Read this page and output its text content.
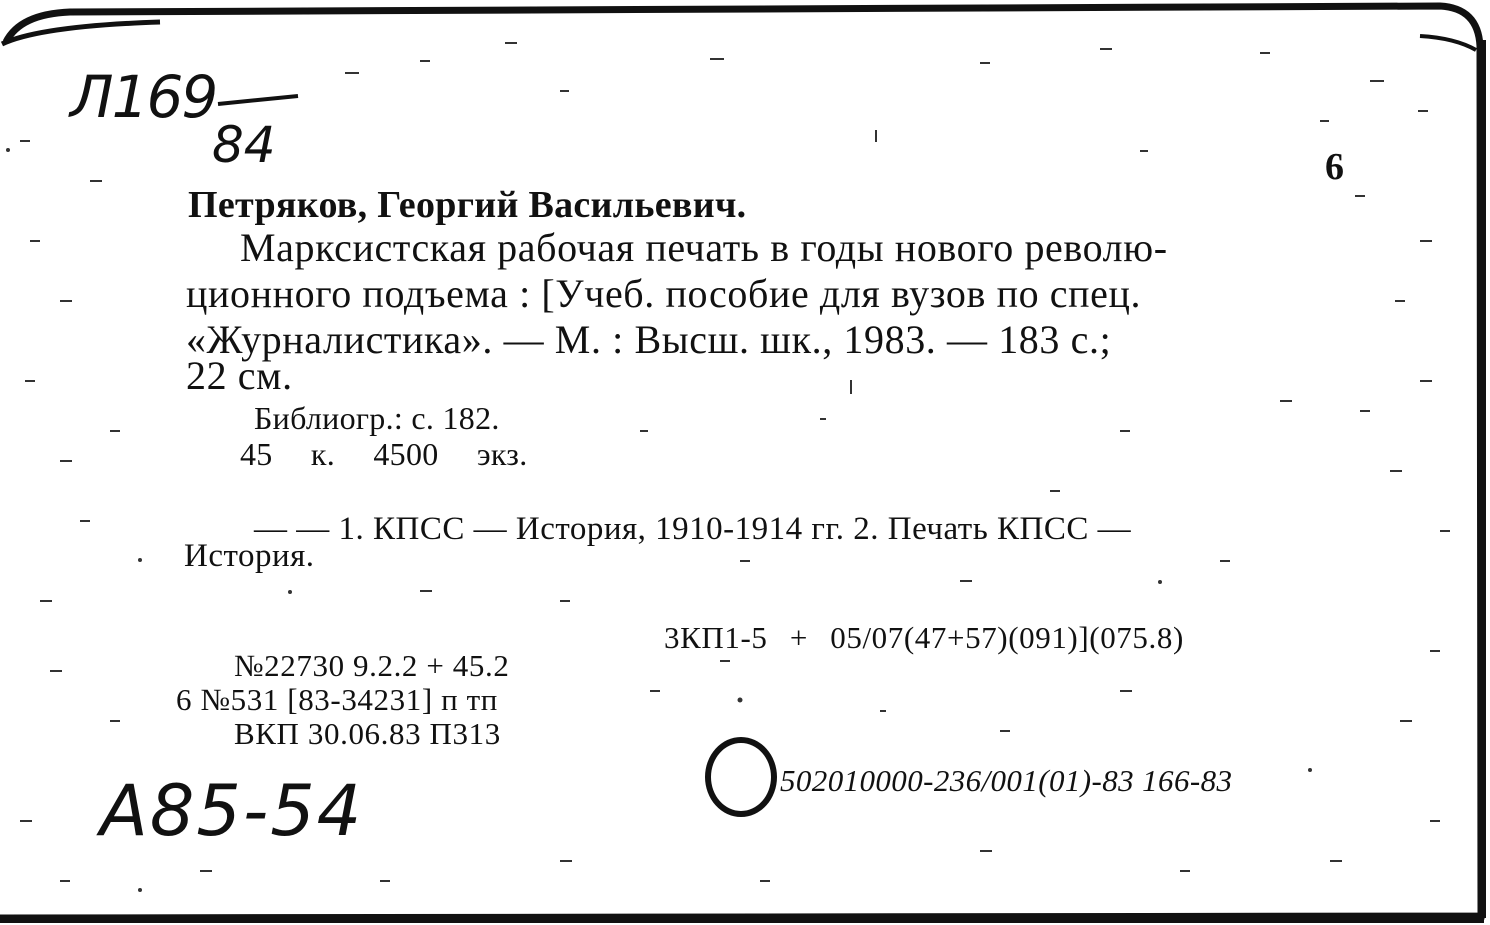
Л169
84	6
Петряков, Георгий Васильевич.
Марксистская рабочая печать в годы нового револю-
ционного подъема : [Учеб. пособие для вузов по спец.
«Журналистика». — М. : Высш. шк., 1983. — 183 с.;
22 см.
Библиогр.: с. 182.
45 к. 4500 экз.
— — 1. КПСС — История, 1910-1914 гг. 2. Печать КПСС —
История.
3КП1-5 + 05/07(47+57)(091)](075.8)
№22730 9.2.2 + 45.2
6 №531 [83-34231] п тп
ВКП 30.06.83 П313
502010000-236/001(01)-83 166-83
А85-54
